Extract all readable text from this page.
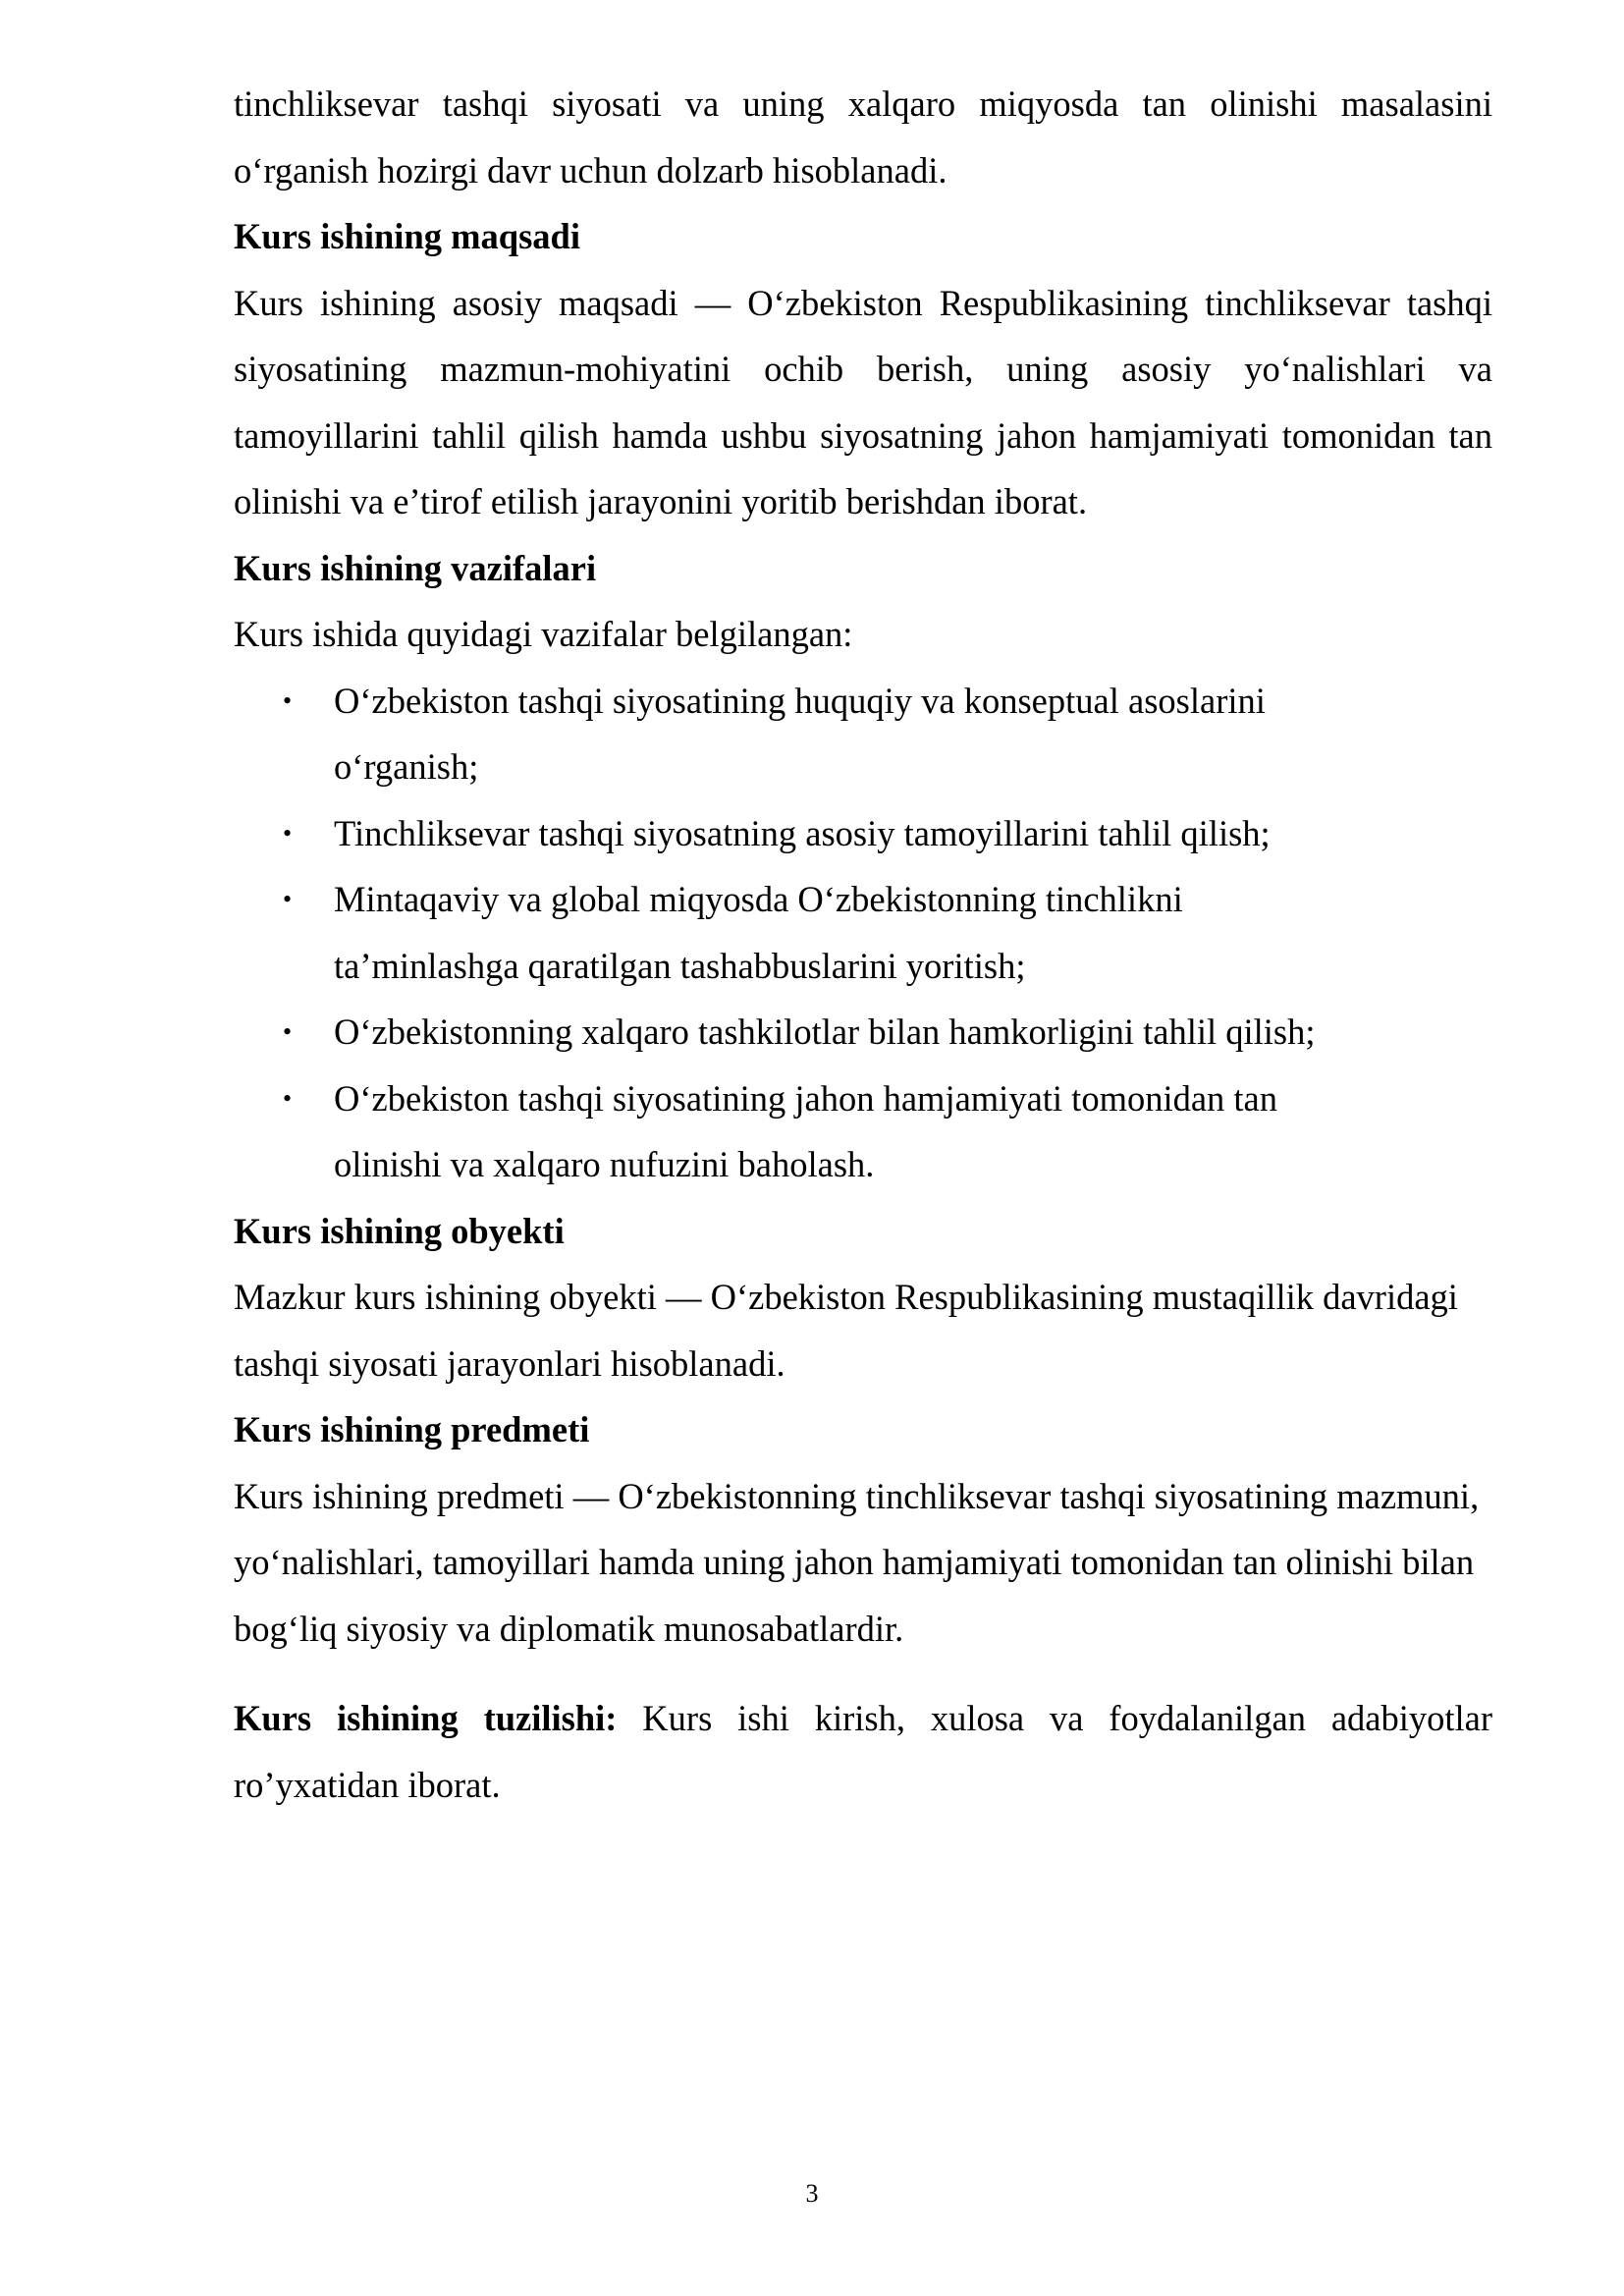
tinchliksevar tashqi siyosati va uning xalqaro miqyosda tan olinishi masalasini o‘rganish hozirgi davr uchun dolzarb hisoblanadi.

Kurs ishining maqsadi

Kurs ishining asosiy maqsadi — O‘zbekiston Respublikasining tinchliksevar tashqi siyosatining mazmun-mohiyatini ochib berish, uning asosiy yo‘nalishlari va tamoyillarini tahlil qilish hamda ushbu siyosatning jahon hamjamiyati tomonidan tan olinishi va e’tirof etilish jarayonini yoritib berishdan iborat.

Kurs ishining vazifalari

Kurs ishida quyidagi vazifalar belgilangan:

• O‘zbekiston tashqi siyosatining huquqiy va konseptual asoslarini o‘rganish;
• Tinchliksevar tashqi siyosatning asosiy tamoyillarini tahlil qilish;
• Mintaqaviy va global miqyosda O‘zbekistonning tinchlikni ta’minlashga qaratilgan tashabbuslarini yoritish;
• O‘zbekistonning xalqaro tashkilotlar bilan hamkorligini tahlil qilish;
• O‘zbekiston tashqi siyosatining jahon hamjamiyati tomonidan tan olinishi va xalqaro nufuzini baholash.

Kurs ishining obyekti

Mazkur kurs ishining obyekti — O‘zbekiston Respublikasining mustaqillik davridagi tashqi siyosati jarayonlari hisoblanadi.

Kurs ishining predmeti

Kurs ishining predmeti — O‘zbekistonning tinchliksevar tashqi siyosatining mazmuni, yo‘nalishlari, tamoyillari hamda uning jahon hamjamiyati tomonidan tan olinishi bilan bog‘liq siyosiy va diplomatik munosabatlardir.

Kurs ishining tuzilishi: Kurs ishi kirish, xulosa va foydalanilgan adabiyotlar ro’yxatidan iborat.

3
